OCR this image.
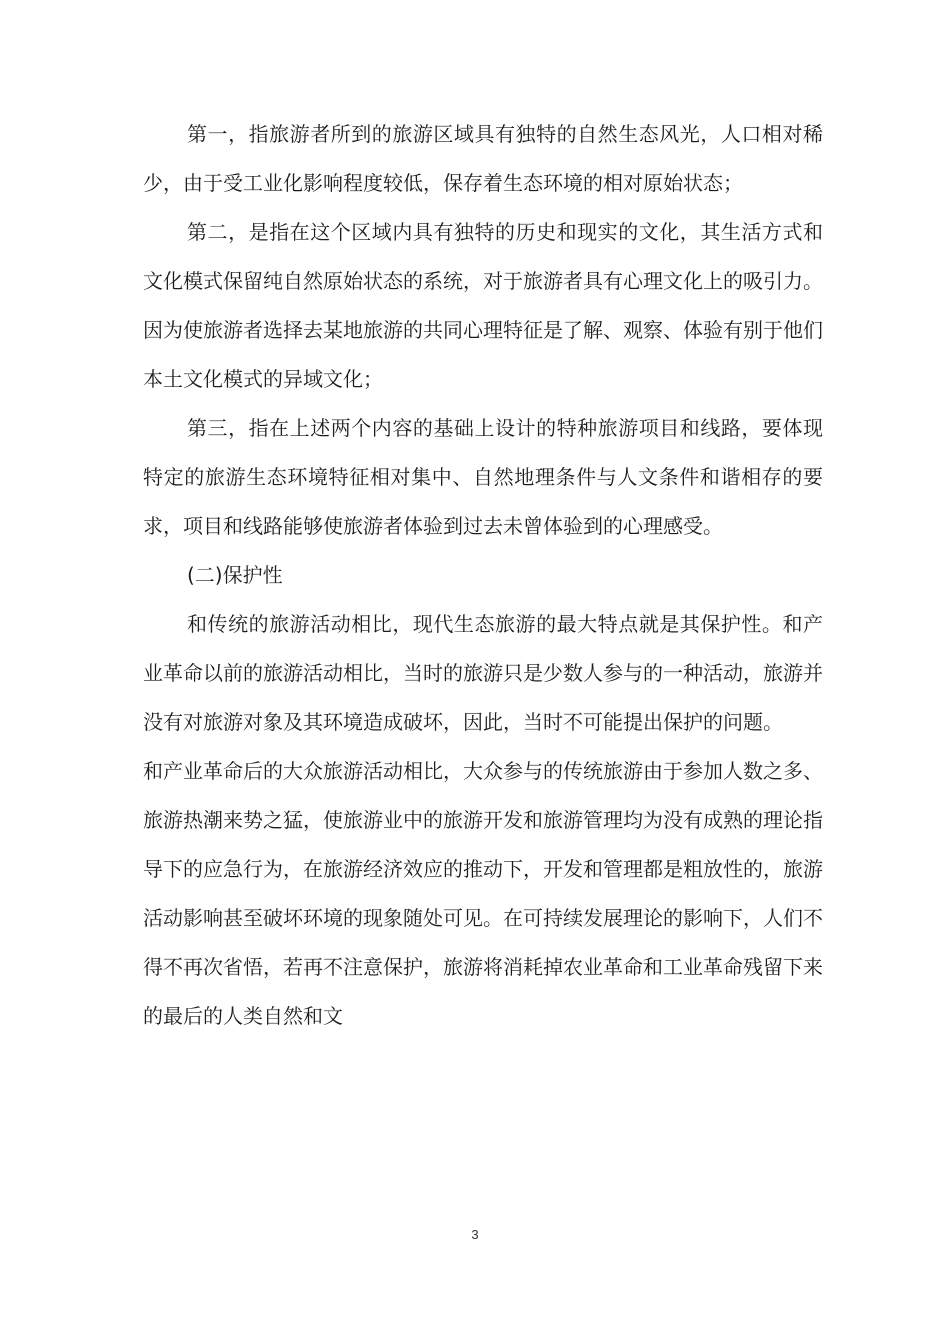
第一，指旅游者所到的旅游区域具有独特的自然生态风光，人口相对稀少，由于受工业化影响程度较低，保存着生态环境的相对原始状态；

第二，是指在这个区域内具有独特的历史和现实的文化，其生活方式和文化模式保留纯自然原始状态的系统，对于旅游者具有心理文化上的吸引力。因为使旅游者选择去某地旅游的共同心理特征是了解、观察、体验有别于他们本土文化模式的异域文化；

第三，指在上述两个内容的基础上设计的特种旅游项目和线路，要体现特定的旅游生态环境特征相对集中、自然地理条件与人文条件和谐相存的要求，项目和线路能够使旅游者体验到过去未曾体验到的心理感受。

(二)保护性

和传统的旅游活动相比，现代生态旅游的最大特点就是其保护性。和产业革命以前的旅游活动相比，当时的旅游只是少数人参与的一种活动，旅游并没有对旅游对象及其环境造成破坏，因此，当时不可能提出保护的问题。

和产业革命后的大众旅游活动相比，大众参与的传统旅游由于参加人数之多、旅游热潮来势之猛，使旅游业中的旅游开发和旅游管理均为没有成熟的理论指导下的应急行为，在旅游经济效应的推动下，开发和管理都是粗放性的，旅游活动影响甚至破坏环境的现象随处可见。在可持续发展理论的影响下，人们不得不再次省悟，若再不注意保护，旅游将消耗掉农业革命和工业革命残留下来的最后的人类自然和文

3
